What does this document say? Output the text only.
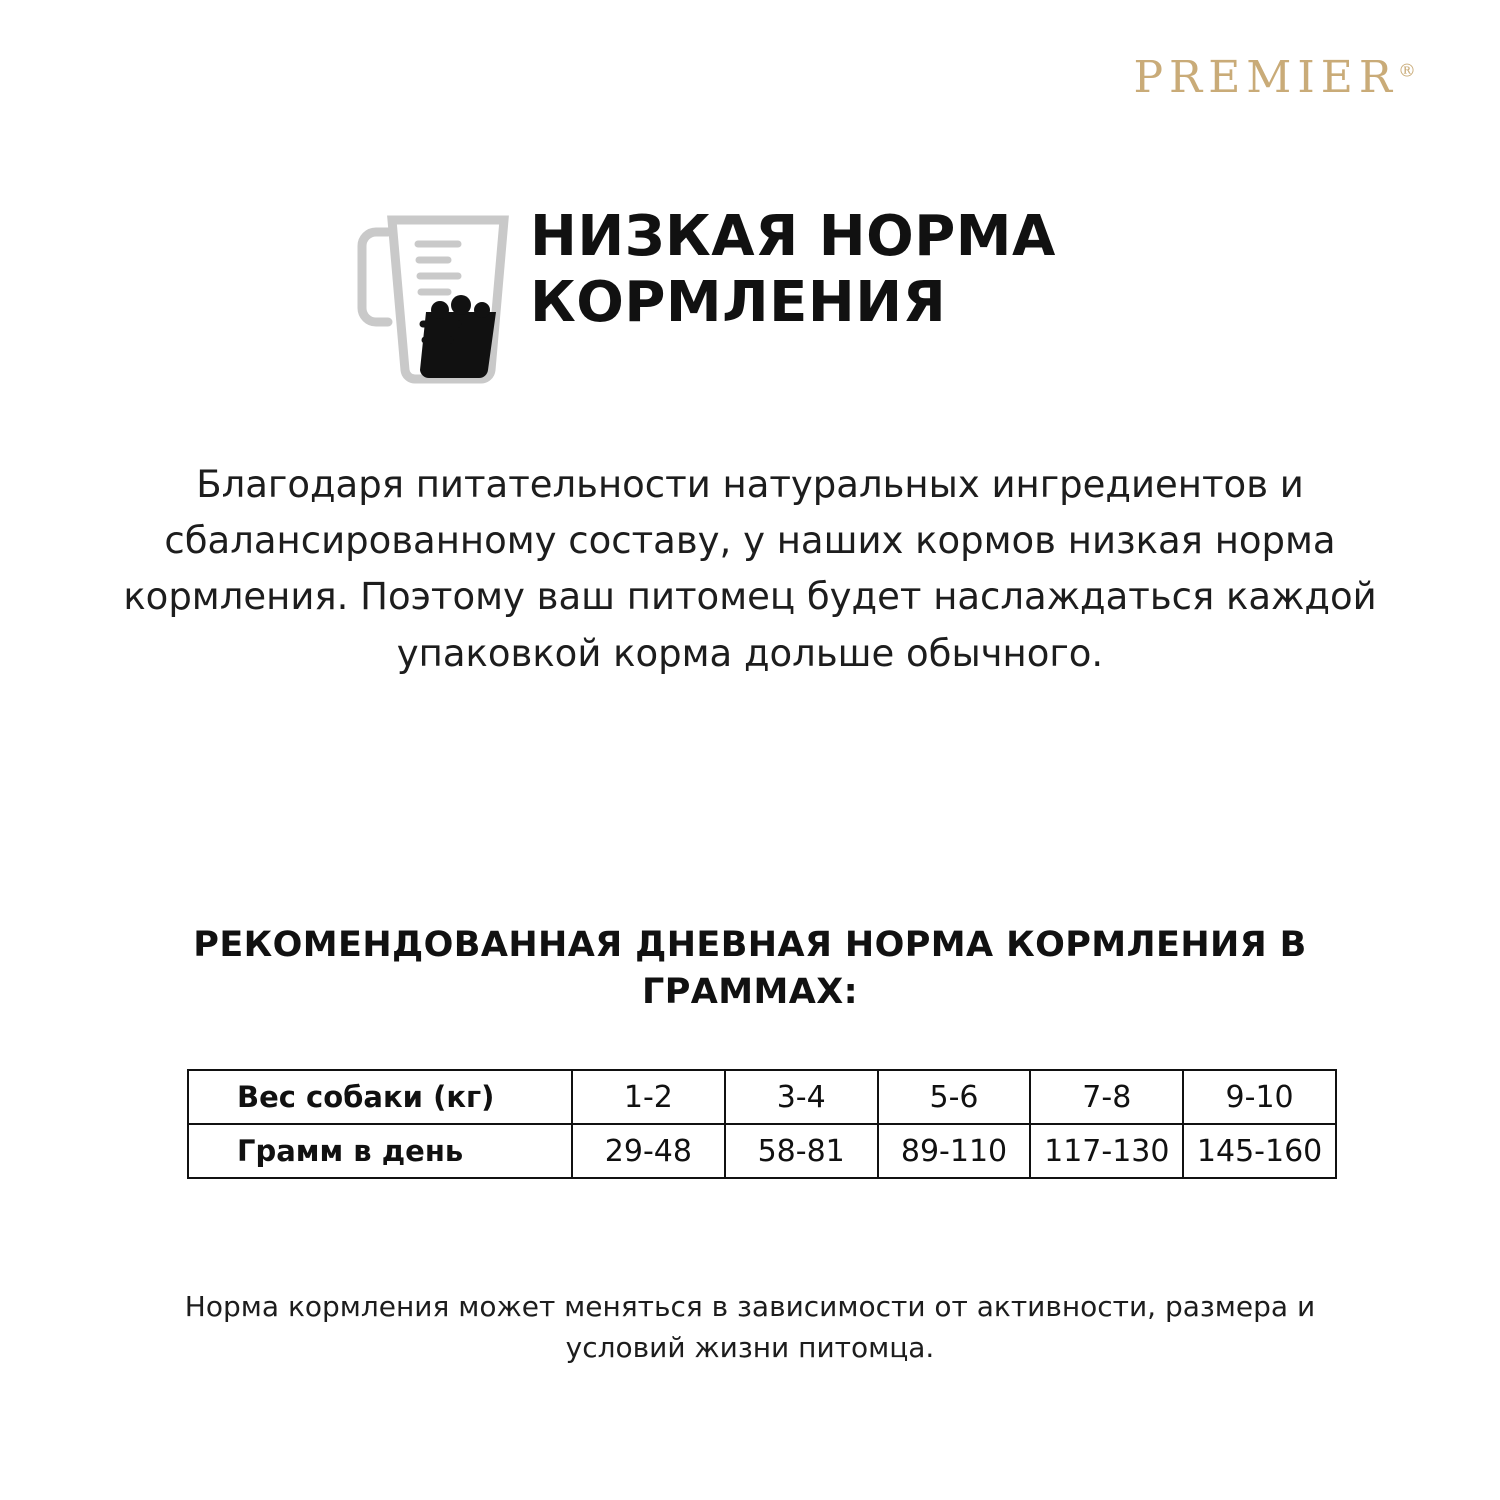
PREMIER®
НИЗКАЯ НОРМА КОРМЛЕНИЯ

Благодаря питательности натуральных ингредиентов и сбалансированному составу, у наших кормов низкая норма кормления. Поэтому ваш питомец будет наслаждаться каждой упаковкой корма дольше обычного.

РЕКОМЕНДОВАННАЯ ДНЕВНАЯ НОРМА КОРМЛЕНИЯ В ГРАММАХ:
Вес собаки (кг)	1-2	3-4	5-6	7-8	9-10
Грамм в день	29-48	58-81	89-110	117-130	145-160

Норма кормления может меняться в зависимости от активности, размера и условий жизни питомца.
